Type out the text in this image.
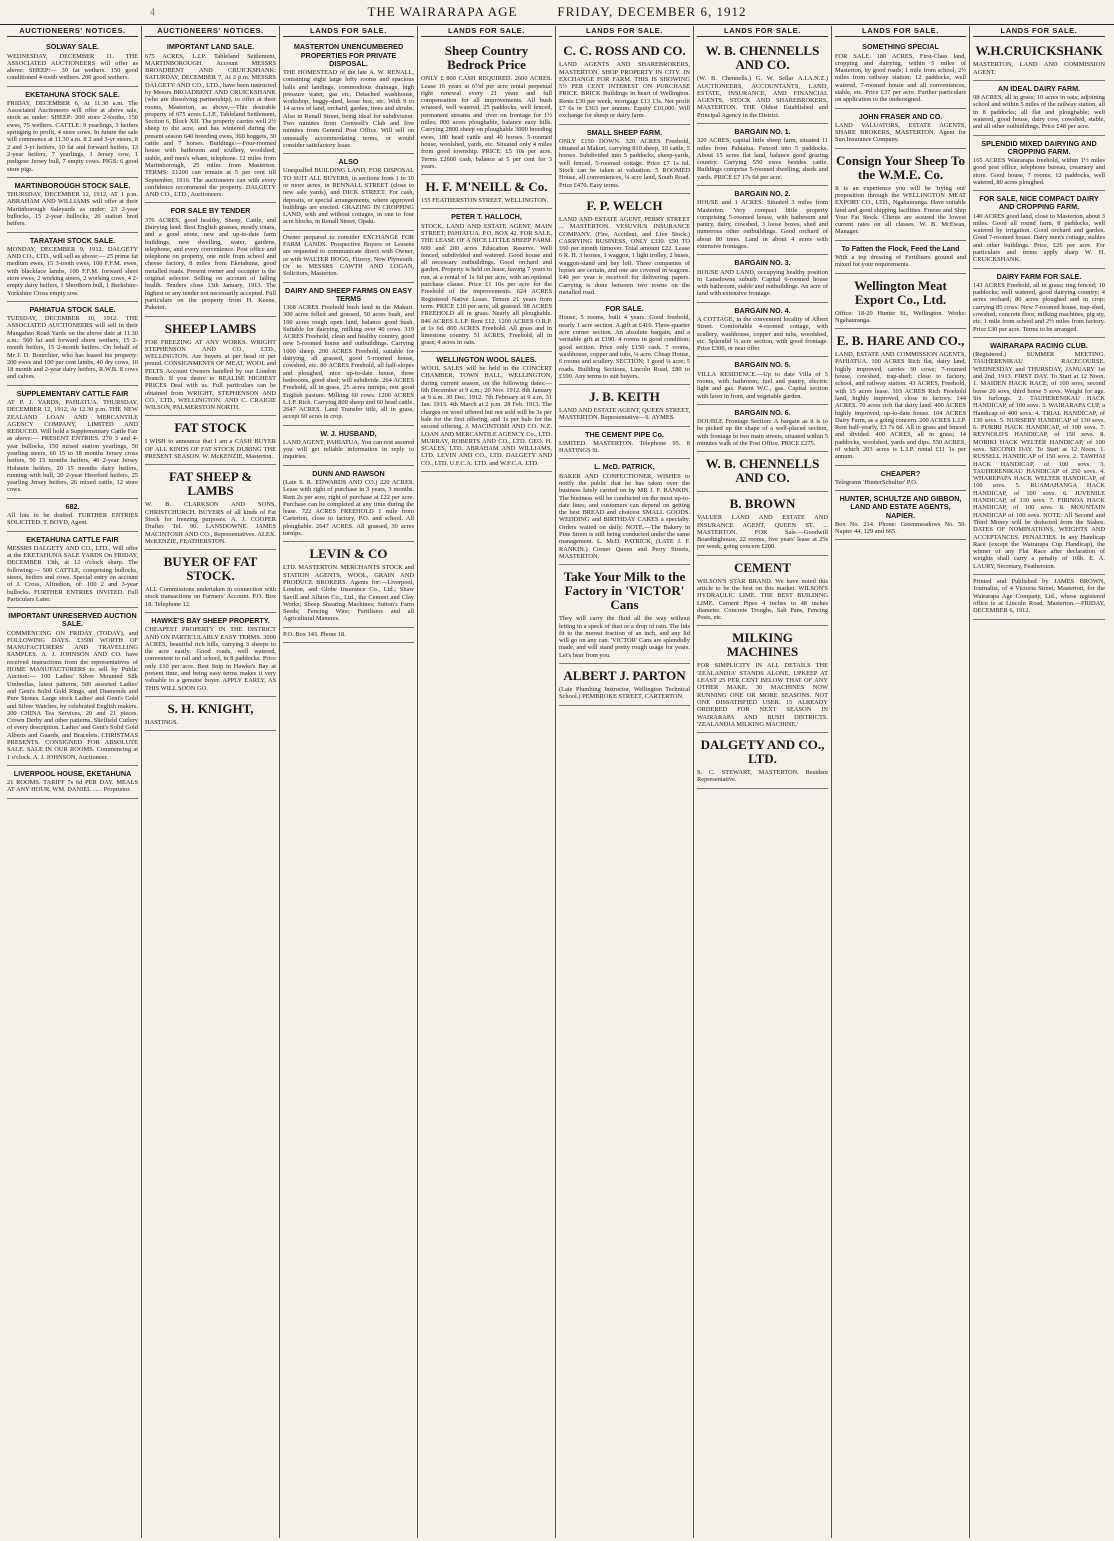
4	THE WAIRARAPA AGE	FRIDAY, DECEMBER 6, 1912
AUCTIONEERS' NOTICES.
SOLWAY SALE.

WEDNESDAY, DECEMBER 11. THE ASSOCIATED AUCTIONEERS will offer as above: SHEEP:— 30 fat wethers. 150 good conditioned 4-tooth wethers. 200 good wethers.

EKETAHUNA STOCK SALE.

FRIDAY, DECEMBER 6, At 11.30 a.m. The Associated Auctioneers will offer at above sale, stock as under: SHEEP: 200 store 2-tooths, 150 ewes, 75 wethers. CATTLE: 9 yearlings, 3 heifers springing to profit, 4 store cows. In future the sale will commence at 11.30 a.m. 8 2 and 3-yr steers, 8 2 and 3-yr heifers, 10 fat and forward heifers, 13 2-year heifers, 7 yearlings, 1 Jersey cow, 1 pedigree Jersey bull, 7 empty cows. PIGS: 6 good store pigs.

MARTINBOROUGH STOCK SALE.

THURSDAY, DECEMBER 12, 1912, AT 1 p.m. ABRAHAM AND WILLIAMS will offer at their Martinborough Saleyards as under: 23 2-year bullocks, 15 2-year bullocks, 20 station bred heifers.

TARATAHI STOCK SALE.

MONDAY, DECEMBER 9, 1912. DALGETY AND CO., LTD., will sell as above:— 25 prime fat medium ewes, 15 3-tooth ewes, 100 F.F.M. ewes, with blackface lambs, 100 F.F.M. forward short store ewes, 2 working steers, 2 working cows, 4 2-empty dairy heifers, 1 Shorthorn bull, 1 Berkshire-Yorkshire Cross empty sow.

PAHIATUA STOCK SALE.

TUESDAY, DECEMBER 10, 1912. THE ASSOCIATED AUCTIONEERS will sell in their Mangahao Road Yards on the above date at 11.30 a.m.: 560 fat and forward shorn wethers, 15 2-month heifers, 15 2-month heifers. On behalf of Mr J. D. Bourchier, who has leased his property: 200 ewes and 100 per cent lambs, 40 dry cows, 10 18 month and 2-year dairy heifers, R.W.B. 8 cows and calves.

SUPPLEMENTARY CATTLE FAIR

AT P. J. YARDS, PAHIATUA. THURSDAY, DECEMBER 12, 1912, At 12.30 p.m. THE NEW ZEALAND LOAN AND MERCANTILE AGENCY COMPANY, LIMITED AND REDUCED. Will hold a Supplementary Cattle Fair as above:— PRESENT ENTRIES. 270 3 and 4-year bullocks, 150 mixed station yearlings, 50 yearling steers, 60 15 to 18 months Jersey cross heifers, 50 15 months heifers, 40 2-year Jersey Holstein heifers, 20 15 months dairy heifers, running with bull, 20 2-year Hereford heifers, 25 yearling Jersey heifers, 26 mixed cattle, 12 store cows.

682.

All lots to be drafted. FURTHER ENTRIES SOLICITED. T. BOYD, Agent.

EKETAHUNA CATTLE FAIR

MESSRS DALGETY AND CO., LTD., Will offer at the EKETAHUNA SALE YARDS On FRIDAY, DECEMBER 13th, at 12 o'clock sharp. The following:— 500 CATTLE, comprising bullocks, steers, heifers and cows. Special entry on account of J. Cross, Alfredton, of: 100 2 and 3-year bullocks. FURTHER ENTRIES INVITED. Full Particulars Later.

IMPORTANT UNRESERVED AUCTION SALE.

COMMENCING ON FRIDAY (TODAY), and FOLLOWING DAYS. £3500 WORTH OF MANUFACTURERS' AND TRAVELLING SAMPLES. A. J. JOHNSON AND CO. have received instructions from the representatives of HOME MANUFACTURERS to sell by Public Auction:— 100 Ladies' Silver Mounted Silk Umbrellas, latest patterns, 500 assorted Ladies' and Gent's Solid Gold Rings, and Diamonds and Pure Stones. Large stock Ladies' and Gent's Gold and Silver Watches, by celebrated English makers. 200 CHINA Tea Services, 20 and 21 pieces. Crown Derby and other patterns. Sheffield Cutlery of every description. Ladies' and Gent's Solid Gold Alberts and Guards, and Bracelets. CHRISTMAS PRESENTS. CONSIGNED FOR ABSOLUTE SALE. SALE IN OUR ROOMS. Commencing at 1 o'clock. A. J. JOHNSON, Auctioneer.

LIVERPOOL HOUSE, EKETAHUNA

21 ROOMS. TARIFF 7s 6d PER DAY. MEALS AT ANY HOUR. WM. DANIEL ...... Proprietor.

AUCTIONEERS' NOTICES.
IMPORTANT LAND SALE.

675 ACRES, L.I.P. Tableland Settlement, MARTINBOROUGH. Account MESSRS BROADBENT AND CRUICKSHANK: SATURDAY, DECEMBER 7, At 2 p.m. MESSRS DALGETY AND CO., LTD., have been instructed by Messrs BROADBENT AND CRUICKSHANK (who are dissolving partnership), to offer at their rooms, Masterton, as above,—This desirable property of 675 acres L.I.P., Tableland Settlement, Section 6, Block XII. The property carries well 2½ sheep to the acre, and has wintered during the present season 640 breeding ewes, 360 hoggets, 30 cattle and 7 horses. Buildings:—Four-roomed house with bathroom and scullery, woolshed, stable, and men's whare, telephone. 12 miles from Martinborough, 25 miles from Masterton. TERMS: £1200 can remain at 5 per cent till September, 1916. The auctioneers can with every confidence recommend the property. DALGETY AND CO., LTD., Auctioneers.

FOR SALE BY TENDER

376 ACRES, good healthy, Sheep, Cattle, and Dairying land. Best English grasses, mostly totara, and a good stone, new and up-to-date farm buildings, new dwelling, water, gardens, telephone, and every convenience. Post office and telephone on property, one mile from school and cheese factory, 8 miles from Eketahuna, good metalled roads. Present owner and occupier is the original selector. Selling on account of failing health. Tenders close 13th January, 1913. The highest or any tender not necessarily accepted. Full particulars on the property from H. Keene, Puketoi.

SHEEP LAMBS

FOR FREEZING AT ANY WORKS. WRIGHT STEPHENSON AND CO., LTD., WELLINGTON. Are buyers at per head or per pound. CONSIGNMENTS OF MEAT, WOOL and PELTS Account Owners handled by our London Branch. If you desire to REALISE HIGHEST PRICES Deal with us. Full particulars can be obtained from WRIGHT, STEPHENSON AND CO., LTD., WELLINGTON. AND C. CRAIGIE WILSON, PALMERSTON NORTH.

FAT STOCK

I WISH to announce that I am a CASH BUYER OF ALL KINDS OF FAT STOCK DURING THE PRESENT SEASON. W. McKENZIE, Masterton.

FAT SHEEP & LAMBS

W. B. CLARKSON AND SONS, CHRISTCHURCH. BUYERS of all kinds of Fat Stock for freezing purposes. A. J. COOPER Drafter. Tel. 90. LANSDOWNE. JAMES MACINTOSH AND CO., Representatives. ALEX. McKENZIE, FEATHERSTON.

BUYER OF FAT STOCK.

ALL Commissions undertaken in connection with stock transactions on Farmers' Account. P.O. Box 18. Telephone 12.

HAWKE'S BAY SHEEP PROPERTY.

CHEAPEST PROPERTY IN THE DISTRICT AND ON PARTICULARLY EASY TERMS. 3000 ACRES, beautiful rich hills, carrying 3 sheeps to the acre easily. Good roads, well watered, convenient to rail and school, in 8 paddocks. Price only £10 per acre. Best Snip in Hawke's Bay at present time, and being easy terms makes it very valuable to a genuine buyer. APPLY EARLY, AS THIS WILL SOON GO.

S. H. KNIGHT,

HASTINGS.

LANDS FOR SALE.
MASTERTON UNENCUMBERED PROPERTIES FOR PRIVATE DISPOSAL.

THE HOMESTEAD of the late A. W. RENALL, containing eight large lofty rooms and spacious halls and landings, commodious drainage, high pressure water, gas etc. Detached washhouse, workshop, buggy-shed, loose box, etc. With 9 to 14 acres of land, orchard, garden, trees and shrubs. Also in Renall Street, being ideal for subdivision. Two minutes from Cornwell's Club and five minutes from General Post Office. Will sell on unusually accommodating terms, or would consider satisfactory lease.

ALSO

Unequalled BUILDING LAND, FOR DISPOSAL TO SUIT ALL BUYERS, in sections from 1 to 10 or more acres, in RENNALL STREET (close to new sale yards), and DICK STREET. For cash, deposits, or special arrangements, where approved buildings are erected. GRAZING IN CROPPING LAND, with and without cottages, in one to four acre blocks, in Renall Street, Opaki.

Owner prepared to consider EXCHANGE FOR FARM LANDS. Prospective Buyers or Lessees are requested to communicate direct with Owner, or with WALTER HOGG, Fitzroy, New Plymouth. Or to MESSRS CAWTH AND LOGAN, Solicitors, Masterton.

DAIRY AND SHEEP FARMS ON EASY TERMS

1368 ACRES Freehold bush land in the Makuri. 300 acres felled and grassed, 50 acres bush, and 100 acres rough open land, balance good bush. Suitable for dairying, milking over 40 cows. 319 ACRES Freehold, clean and healthy country, good new 5-roomed house and outbuildings. Carrying 1000 sheep. 200 ACRES Freehold, suitable for dairying, all grassed, good 5-roomed house, cowshed, etc. 80 ACRES Freehold, all half-slopes and ploughed, nice up-to-date house, three bedrooms, good shed; will subdivide. 264 ACRES Freehold, all in grass, 25 acres turnips, rest good English pasture. Milking 60 cows. 1200 ACRES L.I.P. Rich. Carrying 800 sheep and 60 head cattle. 2647 ACRES. Land Transfer title, all in grass, accept 60 acres in crop.

W. J. HUSBAND,

LAND AGENT, PAHIATUA. You can rest assured you will get reliable information in reply to inquiries.

DUNN AND RAWSON

(Late S. R. EDWARDS AND CO.) 220 ACRES. Lease with right of purchase in 3 years, 3 months. Rent 2s per acre, right of purchase at £22 per acre. Purchase can be completed at any time during the lease. 722 ACRES FREEHOLD 1 mile from Carterton, close to factory, P.O. and school. All ploughable. 2647 ACRES. All grassed, 30 acres turnips.

LEVIN & CO

LTD. MASTERTON. MERCHANTS STOCK and STATION AGENTS, WOOL, GRAIN AND PRODUCE BROKERS. Agents for:—Liverpool, London, and Globe Insurance Co., Ltd.; Shaw Savill and Albion Co., Ltd., the Cement and Clay Works; Sheep Shearing Machines; Sutton's Farm Seeds; Fencing Wire; Fertilisers and all Agricultural Manures.

P.O. Box 143. Phone 18.

LANDS FOR SALE.
Sheep Country Bedrock Price

ONLY £ 800 CASH REQUIRED. 2600 ACRES. Lease 16 years at 6½d per acre rental perpetual right renewal every 21 years and full compensation for all improvements. All bush wrassed, well watered, 25 paddocks, well fenced, permanent streams and river on frontage for 1½ miles; 800 acres ploughable, balance easy hills. Carrying 2800 sheep on ploughable 3000 breeding ewes, 180 head cattle and 40 horses. 5-roomed house, woolshed, yards, etc. Situated only 4 miles from good township. PRICE: £5 10s per acre. Terms £2600 cash, balance at 5 per cent for 3 years.

H. F. M'NEILL & Co.

155 FEATHERSTON STREET, WELLINGTON.

PETER T. HALLOCH,

STOCK, LAND AND ESTATE AGENT, MAIN STREET, PAHIATUA. P.O. BOX 42. FOR SALE, THE LEASE OF A NICE LITTLE SHEEP FARM. 600 and 200 acres Education Reserve. Well fenced, subdivided and watered. Good house and all necessary outbuildings. Good orchard and garden. Property is held on lease, having 7 years to run, at a rental of 1s 6d per acre, with an optional purchase clause. Price £1 10s per acre for the Freehold of the improvements. 624 ACRES Registered Native Lease. Tenure 21 years from term. PRICE £10 per acre, all grassed. 98 ACRES FREEHOLD all in grass. Nearly all ploughable. 846 ACRES L.I.P. Rent £12. 1200 ACRES O.R.P. at 1s 6d. 800 ACRES Freehold. All grass and in limestone country. 51 ACRES, Freehold, all in grass; 4 acres in oats.

WELLINGTON WOOL SALES.

WOOL SALES will be held in the CONCERT CHAMBER, TOWN HALL, WELLINGTON, during current season, on the following dates:— 6th December at 9 a.m.; 20 Nov. 1912. 8th January at 9 a.m. 30 Dec. 1912. 7th February at 9 a.m. 31 Jan. 1913. 4th March at 2 p.m. 28 Feb. 1913. The charges on wool offered but not sold will be 3s per bale for the first offering, and 1s per bale for the second offering. J. MACINTOSH AND CO. N.Z. LOAN AND MERCANTILE AGENCY Co., LTD. MURRAY, ROBERTS AND CO., LTD. GEO. H. SCALES, LTD. ABRAHAM AND WILLIAMS, LTD. LEVIN AND CO., LTD. DALGETY AND CO., LTD. U.F.C.A. LTD. and W.F.C.A. LTD.

LANDS FOR SALE.
C. C. ROSS AND CO.

LAND AGENTS AND SHAREBROKERS, MASTERTON. SHOP PROPERTY IN CITY. IN EXCHANGE FOR FARM. THIS IS SHOWING 5½ PER CENT INTEREST ON PURCHASE PRICE. BRICK Buildings in heart of Wellington. Rents £30 per week, mortgage £13 13s. Net profit £7 6s or £363 per annum. Equity £10,000. Will exchange for sheep or dairy farm.

SMALL SHEEP FARM.

ONLY £150 DOWN. 320 ACRES Freehold, situated at Makuri, carrying 810 sheep, 10 cattle, 5 horses. Subdivided into 5 paddocks, sheep-yards, well fenced, 5-roomed cottage. Price £7 1s 6d. Stock can be taken at valuation. 5 ROOMED House, all conveniences, ¼ acre land, South Road. Price £470. Easy terms.

F. P. WELCH

LAND AND ESTATE AGENT, PERRY STREET ... MASTERTON. VESUVIUS INSURANCE COMPANY. (Fire, Accident, and Live Stock.) CARRYING BUSINESS, ONLY £330. £50 TO £60 per month turnover. Total amount £22. Lease 6 R. H. 3 horses, 1 waggon, 1 light trolley, 2 buses, waggon-stand and bay loft. Three companies of horses are certain, and one are covered in wagons. £40 per year is received for delivering papers. Carrying is done between two towns on the metalled road.

FOR SALE.

House, 5 rooms, built 4 years. Good freehold, nearly 1 acre section. A gift at £410. Three-quarter acre corner section. An absolute bargain, and a veritable gift at £190. 4 rooms in good condition; good section. Price only £150 cash. 7 rooms, washhouse, copper and tubs, ¼ acre. Cheap House, 6 rooms and scullery. SECTION; 1 good ¼ acre; 5 roads. Building Sections, Lincoln Road, £80 to £100. Any terms to suit buyers.

J. B. KEITH

LAND AND ESTATE AGENT, QUEEN STREET, MASTERTON. Representative—S. AYMES.

THE CEMENT PIPE Co.

LIMITED. MASTERTON. Telephone 95. 8 HASTINGS St.

L. McD. PATRICK,

BAKER AND CONFECTIONER, WISHES to notify the public that he has taken over the business lately carried on by MR J. F. RANKIN. The business will be conducted on the most up-to-date lines, and customers can depend on getting the best BREAD and choicest SMALL GOODS. WEDDING and BIRTHDAY CAKES a specialty. Orders waited on daily. NOTE.—The Bakery in Pine Street is still being conducted under the same management. L. McD. PATRICK, (LATE J. F. RANKIN.) Corner Queen and Perry Streets, MASTERTON.

Take Your Milk to the Factory in 'VICTOR' Cans

They will carry the fluid all the way without letting in a speck of dust or a drop of rain. The lids fit to the merest fraction of an inch, and any lid will go on any can. 'VICTOR' Cans are splendidly made, and will stand pretty rough usage for years. Let's hear from you.

ALBERT J. PARTON

(Late Plumbing Instructor, Wellington Technical School.) PEMBROKE STREET, CARTERTON.

LANDS FOR SALE.
W. B. CHENNELLS AND CO.

(W. B. Chennells.) G. W. Sellar A.I.A.N.Z.) AUCTIONEERS, ACCOUNTANTS, LAND, ESTATE, INSURANCE, AND FINANCIAL AGENTS, STOCK AND SHAREBROKERS, MASTERTON. THE Oldest Established and Principal Agency in the District.

BARGAIN NO. 1.

320 ACRES, capital little sheep farm, situated 11 miles from Pahiatua. Fenced into 5 paddocks. About 15 acres flat land, balance good grazing country. Carrying 550 ewes besides cattle. Buildings comprise 5-roomed dwelling, sheds and yards. PRICE £7 17s 6d per acre.

BARGAIN NO. 2.

HOUSE and 1 ACRES: Situated 3 miles from Masterton. Very compact little property comprising 5-roomed house, with bathroom and pantry, dairy, cowshed, 3 loose boxes, shed and numerous other outbuildings. Good orchard of about 80 trees. Land in about 4 acres with extensive frontages.

BARGAIN NO. 3.

HOUSE AND LAND, occupying healthy position in Lansdowne suburb. Capital 6-roomed house with bathroom, stable and outbuildings. An acre of land with extensive frontage.

BARGAIN NO. 4.

A COTTAGE, in the convenient locality of Albert Street. Comfortable 4-roomed cottage, with scullery, washhouse, copper and tubs, woodshed, etc. Splendid ¼ acre section, with good frontage. Price £300, or near offer.

BARGAIN NO. 5.

VILLA RESIDENCE.—Up to date Villa of 5 rooms, with bathroom, fuel and pantry, electric light and gas. Patent W.C., gas. Capital section with lawn in front, and vegetable garden.

BARGAIN NO. 6.

DOUBLE Frontage Section: A bargain as it is to be picked up the shape of a well-placed section, with frontage to two main streets, situated within 5 minutes walk of the Post Office. PRICE £275.

W. B. CHENNELLS AND CO.
B. BROWN

VALUER LAND AND ESTATE AND INSURANCE AGENT, QUEEN ST. ... MASTERTON. FOR Sale.—Goodwill Boardinghouse, 22 rooms, five years' lease at 25s per week, going concern £200.

CEMENT

WILSON'S STAR BRAND. We have noted this article to be the best on this market. WILSON'S HYDRAULIC LIME. THE BEST BUILDING LIME. Cement Pipes 4 inches to 48 inches diameter. Concrete Troughs, Salt Pans, Fencing Posts, etc.

MILKING MACHINES

FOR SIMPLICITY IN ALL DETAILS THE 'ZEALANDIA' STANDS ALONE. UPKEEP AT LEAST 25 PER CENT BELOW THAT OF ANY OTHER MAKE. 30 MACHINES NOW RUNNING ONE OR MORE SEASONS. NOT ONE DISSATISFIED USER. 15 ALREADY ORDERED FOR NEXT SEASON IN WAIRARAPA AND BUSH DISTRICTS. 'ZEALANDIA MILKING MACHINE.'

DALGETY AND CO., LTD.

S. C. STEWART, MASTERTON. Resident Representative.

LANDS FOR SALE.
SOMETHING SPECIAL

FOR SALE. 180 ACRES, First-Class land, cropping and dairying, within 5 miles of Masterton, by good roads; 1 mile from school, 2½ miles from railway station; 12 paddocks, well watered, 7-roomed house and all conveniences, stable, etc. Price £37 per acre. Further particulars on application to the undersigned.

JOHN FRASER AND CO.

LAND VALUATORS, ESTATE AGENTS, SHARE BROKERS, MASTERTON. Agent for Sun Insurance Company.

Consign Your Sheep To the W.M.E. Co.

It is an experience you will be 'trying out' proposition through the WELLINGTON MEAT EXPORT CO., LTD., Ngahauranga. Have suitable land and good shipping facilities. Freeze and Ship Your Fat Stock. Clients are assured the lowest current rates on all classes. W. B. McEwan, Manager.

To Fatten the Flock, Feed the Land

With a top dressing of Fertilisers ground and mixed for your requirements.

Wellington Meat Export Co., Ltd.

Office: 18-20 Hunter St., Wellington. Works: Ngahauranga.

E. B. HARE AND CO.,

LAND, ESTATE AND COMMISSION AGENTS, PAHIATUA. 100 ACRES Rich flat, dairy land, highly improved, carries 30 cows; 7-roomed house, cowshed, trap-shed; close to factory, school, and railway station. 43 ACRES, Freehold, with 15 acres lease. 103 ACRES Rich Freehold land, highly improved, close to factory. 144 ACRES. 70 acres rich flat dairy land. 400 ACRES highly improved, up-to-date house. 104 ACRES Dairy Farm, as a going concern. 200 ACRES L.I.P. Rent half-yearly, £3 7s 6d. All in grass and fenced and divided. 400 ACRES, all in grass; 14 paddocks, woolshed, yards and dips. 550 ACRES, of which 203 acres is L.I.P. rental £11 1s per annum.

CHEAPER?

Telegrams 'HunterSchultze' P.O.

HUNTER, SCHULTZE AND GIBBON, LAND AND ESTATE AGENTS, NAPIER.

Box No. 214. Phone: Greenmeadows No. 50. Napier 44, 129 and 665.

LANDS FOR SALE.
W.H.CRUICKSHANK

MASTERTON, LAND AND COMMISSION AGENT.

AN IDEAL DAIRY FARM.

98 ACRES, all in grass; 10 acres in oats; adjoining school and within 5 miles of the railway station, all in 8 paddocks; all flat and ploughable; well watered, good house, dairy cow, cowshed, stable, and all other outbuildings. Price £48 per acre.

SPLENDID MIXED DAIRYING AND CROPPING FARM.

165 ACRES Wairarapa freehold, within 1½ miles good post office, telephone bureau, creamery and store. Good house, 7 rooms; 12 paddocks, well watered, 80 acres ploughed.

FOR SALE, NICE COMPACT DAIRY AND CROPPING FARM.

140 ACRES good land, close to Masterton, about 3 miles. Good all round farm, 8 paddocks, well watered by irrigation. Good orchard and garden. Good 7-roomed house. Dairy men's cottage, stables and other buildings. Price, £26 per acre. For particulars and terms apply sharp W. H. CRUICKSHANK.

DAIRY FARM FOR SALE.

143 ACRES Freehold, all in grass; ring fenced; 10 paddocks; well watered, good dairying country; 4 acres orchard; 80 acres ploughed and in crop; carrying 85 cows. New 7-roomed house, trap-shed, cowshed, concrete floor, milking machines, pig sty, etc. 1 mile from school and 2½ miles from factory. Price £30 per acre. Terms to be arranged.

WAIRARAPA RACING CLUB.

(Registered.) SUMMER MEETING. TAUHERENIKAU RACECOURSE. WEDNESDAY and THURSDAY, JANUARY 1st and 2nd, 1913. FIRST DAY. To Start at 12 Noon. 1. MAIDEN HACK RACE, of 100 sovs, second horse 20 sovs, third horse 5 sovs. Weight for age. Six furlongs. 2. TAUHERENIKAU HACK HANDICAP, of 100 sovs. 3. WAIRARAPA CUP, a Handicap of 400 sovs. 4. TRIAL HANDICAP, of 130 sovs. 5. NURSERY HANDICAP of 130 sovs. 6. PURIRI HACK HANDICAP, of 100 sovs. 7. REYNOLD'S HANDICAP, of 150 sovs. 8. MORIKI HACK WELTER HANDICAP, of 100 sovs. SECOND DAY. To Start at 12 Noon. 1. RUSSELL HANDICAP of 150 sovs. 2. TAWHAI HACK HANDICAP, of 100 sovs. 3. TAUHERENIKAU HANDICAP of 250 sovs. 4. WHAREPAPA HACK WELTER HANDICAP, of 100 sovs. 5. RUAMAHANGA HACK HANDICAP, of 100 sovs. 6. JUVENILE HANDICAP, of 130 sovs. 7. FIRINOA HACK HANDICAP, of 100 sovs. 8. MOUNTAIN HANDICAP of 100 sovs. NOTE: All Second and Third Money will be deducted from the Stakes. DATES OF NOMINATIONS, WEIGHTS AND ACCEPTANCES. PENALTIES. In any Handicap Race (except the Wairarapa Cup Handicap), the winner of any Flat Race after declaration of weights shall carry a penalty of 10lb. E. A. LAURY, Secretary, Featherston.

Printed and Published by JAMES BROWN, Journalist, of 4 Victoria Street, Masterton, for the Wairarapa Age Company, Ltd., whose registered office is at Lincoln Road, Masterton.—FRIDAY, DECEMBER 6, 1912.
